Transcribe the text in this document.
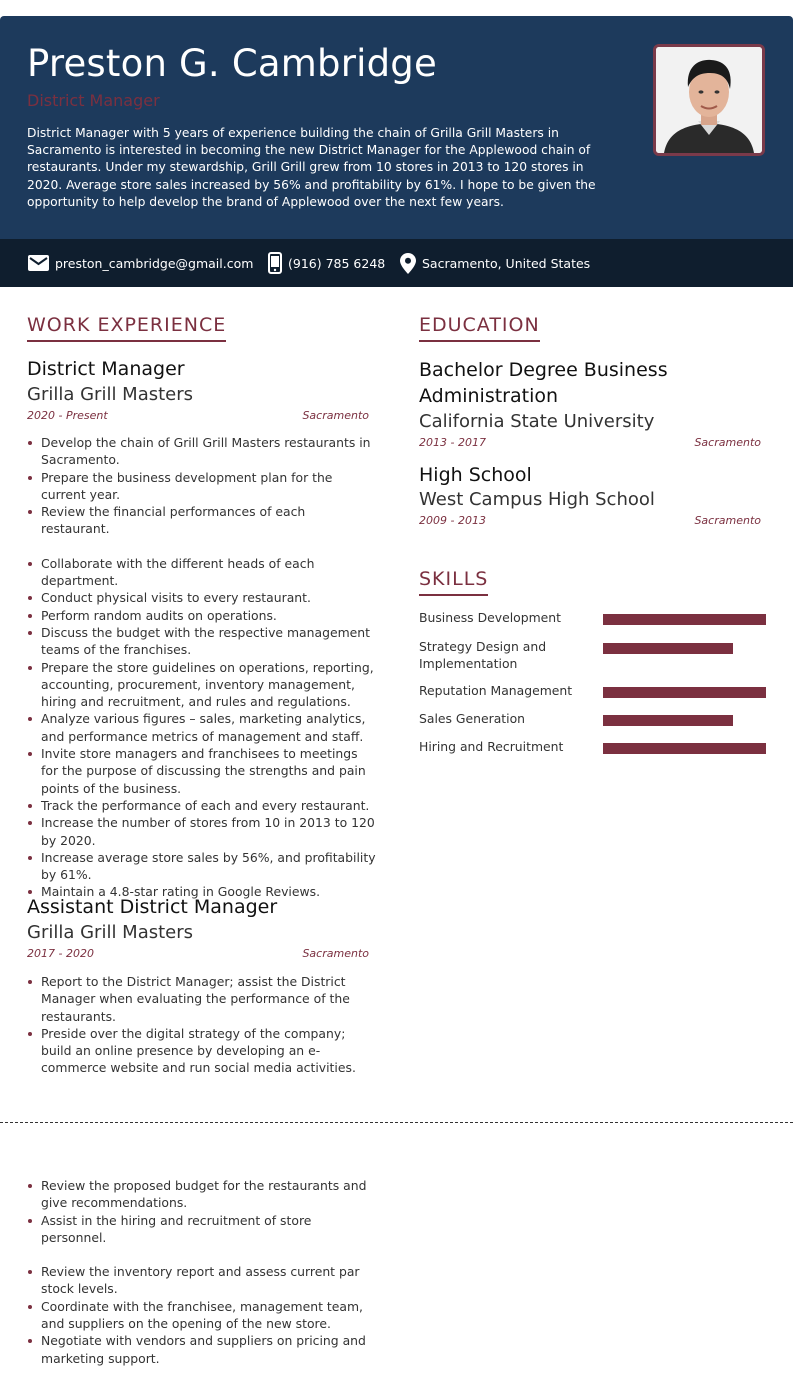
Preston G. Cambridge
District Manager
District Manager with 5 years of experience building the chain of Grilla Grill Masters in Sacramento is interested in becoming the new District Manager for the Applewood chain of restaurants. Under my stewardship, Grill Grill grew from 10 stores in 2013 to 120 stores in 2020. Average store sales increased by 56% and profitability by 61%. I hope to be given the opportunity to help develop the brand of Applewood over the next few years.
preston_cambridge@gmail.com	(916) 785 6248	Sacramento, United States
WORK EXPERIENCE
District Manager
Grilla Grill Masters
2020 - Present	Sacramento
Develop the chain of Grill Grill Masters restaurants in Sacramento.
Prepare the business development plan for the current year.
Review the financial performances of each restaurant.
Collaborate with the different heads of each department.
Conduct physical visits to every restaurant.
Perform random audits on operations.
Discuss the budget with the respective management teams of the franchises.
Prepare the store guidelines on operations, reporting, accounting, procurement, inventory management, hiring and recruitment, and rules and regulations.
Analyze various figures – sales, marketing analytics, and performance metrics of management and staff.
Invite store managers and franchisees to meetings for the purpose of discussing the strengths and pain points of the business.
Track the performance of each and every restaurant.
Increase the number of stores from 10 in 2013 to 120 by 2020.
Increase average store sales by 56%, and profitability by 61%.
Maintain a 4.8-star rating in Google Reviews.
Assistant District Manager
Grilla Grill Masters
2017 - 2020	Sacramento
Report to the District Manager; assist the District Manager when evaluating the performance of the restaurants.
Preside over the digital strategy of the company; build an online presence by developing an e-commerce website and run social media activities.
Review the proposed budget for the restaurants and give recommendations.
Assist in the hiring and recruitment of store personnel.
Review the inventory report and assess current par stock levels.
Coordinate with the franchisee, management team, and suppliers on the opening of the new store.
Negotiate with vendors and suppliers on pricing and marketing support.
EDUCATION
Bachelor Degree Business Administration
California State University
2013 - 2017	Sacramento
High School
West Campus High School
2009 - 2013	Sacramento
SKILLS
Business Development
Strategy Design and Implementation
Reputation Management
Sales Generation
Hiring and Recruitment
